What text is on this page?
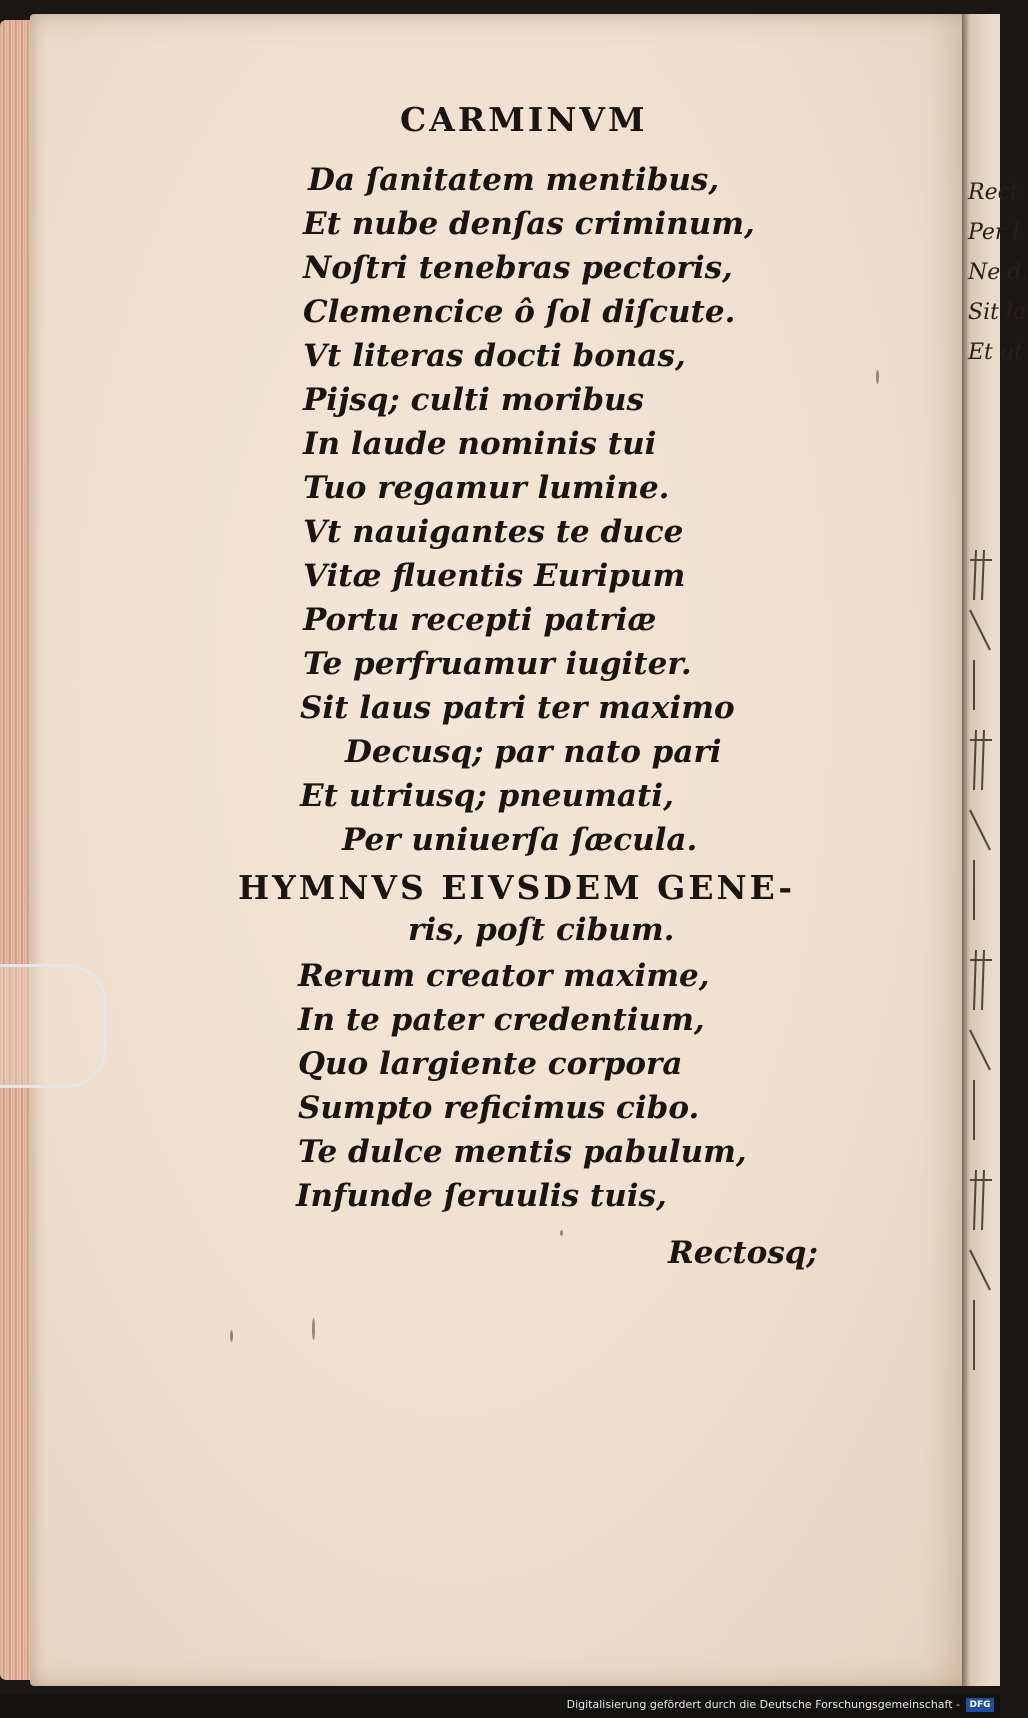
Rect
Per l
Ne d.
Sit la
Et ut
CARMINVM
Da ſanitatem mentibus,
Et nube denſas criminum,
Noſtri tenebras pectoris,
Clemencice ô ſol diſcute.
Vt literas docti bonas,
Pijsq; culti moribus
In laude nominis tui
Tuo regamur lumine.
Vt nauigantes te duce
Vitæ fluentis Euripum
Portu recepti patriæ
Te perfruamur iugiter.
Sit laus patri ter maximo
Decusq; par nato pari
Et utriusq; pneumati,
Per uniuerſa ſæcula.
HYMNVS EIVSDEM GENE-
ris, poſt cibum.
Rerum creator maxime,
In te pater credentium,
Quo largiente corpora
Sumpto reficimus cibo.
Te dulce mentis pabulum,
Infunde ſeruulis tuis,
Rectosq;
Digitalisierung gefördert durch die Deutsche Forschungsgemeinschaft -	DFG
